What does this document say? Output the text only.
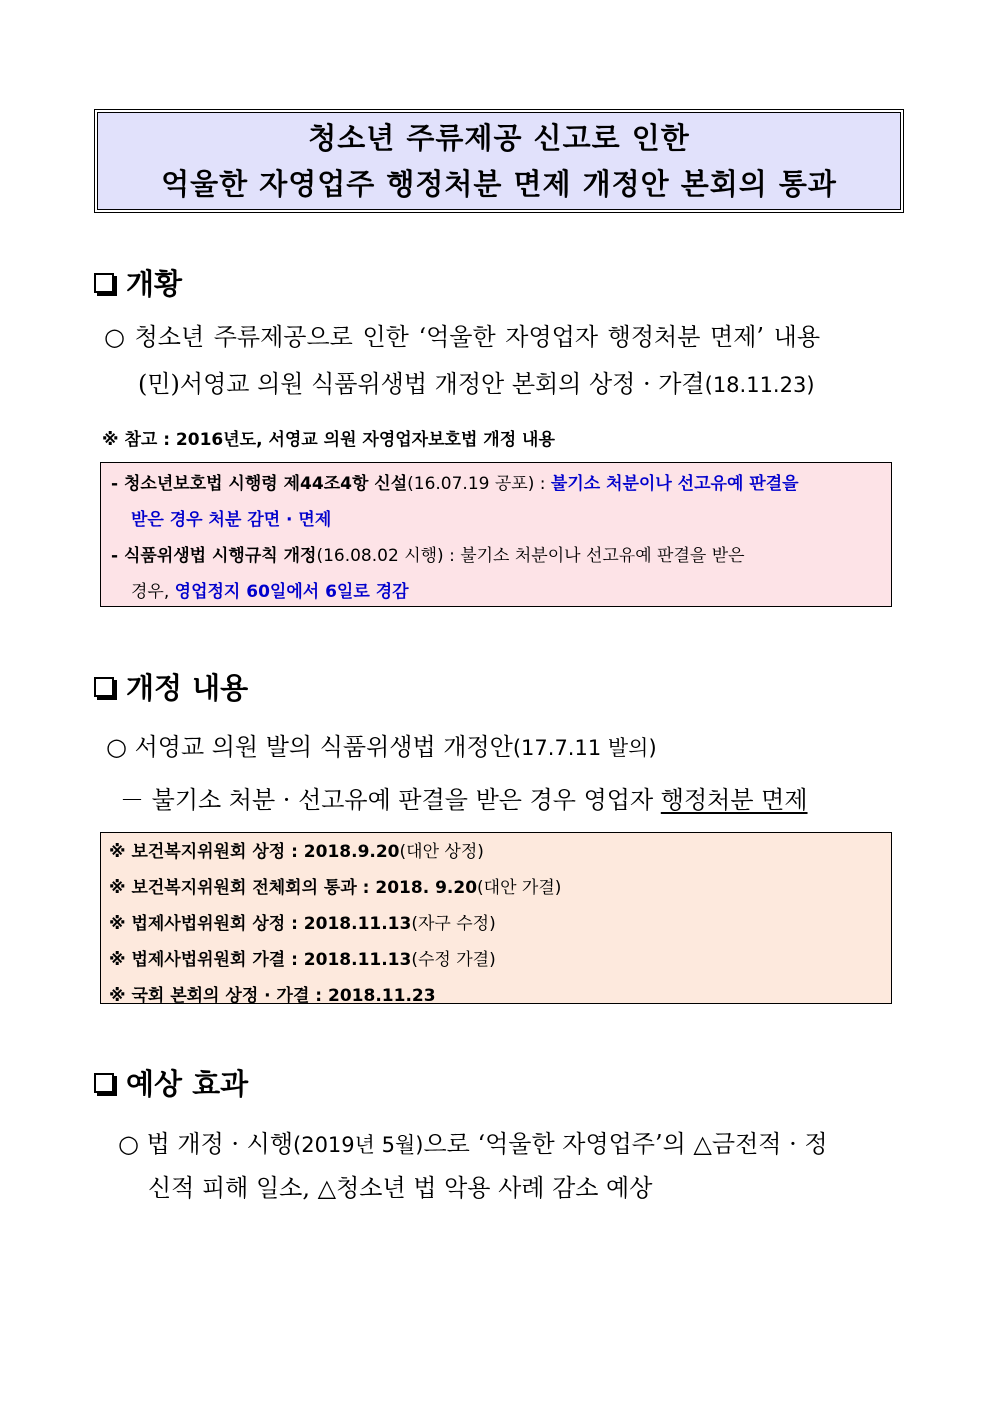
청소년 주류제공 신고로 인한
억울한 자영업주 행정처분 면제 개정안 본회의 통과
개황
○ 청소년 주류제공으로 인한 ‘억울한 자영업자 행정처분 면제’ 내용
(민)서영교 의원 식품위생법 개정안 본회의 상정 · 가결(18.11.23)
※ 참고 : 2016년도, 서영교 의원 자영업자보호법 개정 내용
- 청소년보호법 시행령 제44조4항 신설(16.07.19 공포) : 불기소 처분이나 선고유예 판결을
받은 경우 처분 감면 · 면제
- 식품위생법 시행규칙 개정(16.08.02 시행) : 불기소 처분이나 선고유예 판결을 받은
경우, 영업정지 60일에서 6일로 경감
개정 내용
○ 서영교 의원 발의 식품위생법 개정안(17.7.11 발의)
－ 불기소 처분 · 선고유예 판결을 받은 경우 영업자 행정처분 면제
※ 보건복지위원회 상정 : 2018.9.20(대안 상정)
※ 보건복지위원회 전체회의 통과 : 2018. 9.20(대안 가결)
※ 법제사법위원회 상정 : 2018.11.13(자구 수정)
※ 법제사법위원회 가결 : 2018.11.13(수정 가결)
※ 국회 본회의 상정 · 가결 : 2018.11.23
예상 효과
○ 법 개정 · 시행(2019년 5월)으로 ‘억울한 자영업주’의 △금전적 · 정
신적 피해 일소, △청소년 법 악용 사례 감소 예상
